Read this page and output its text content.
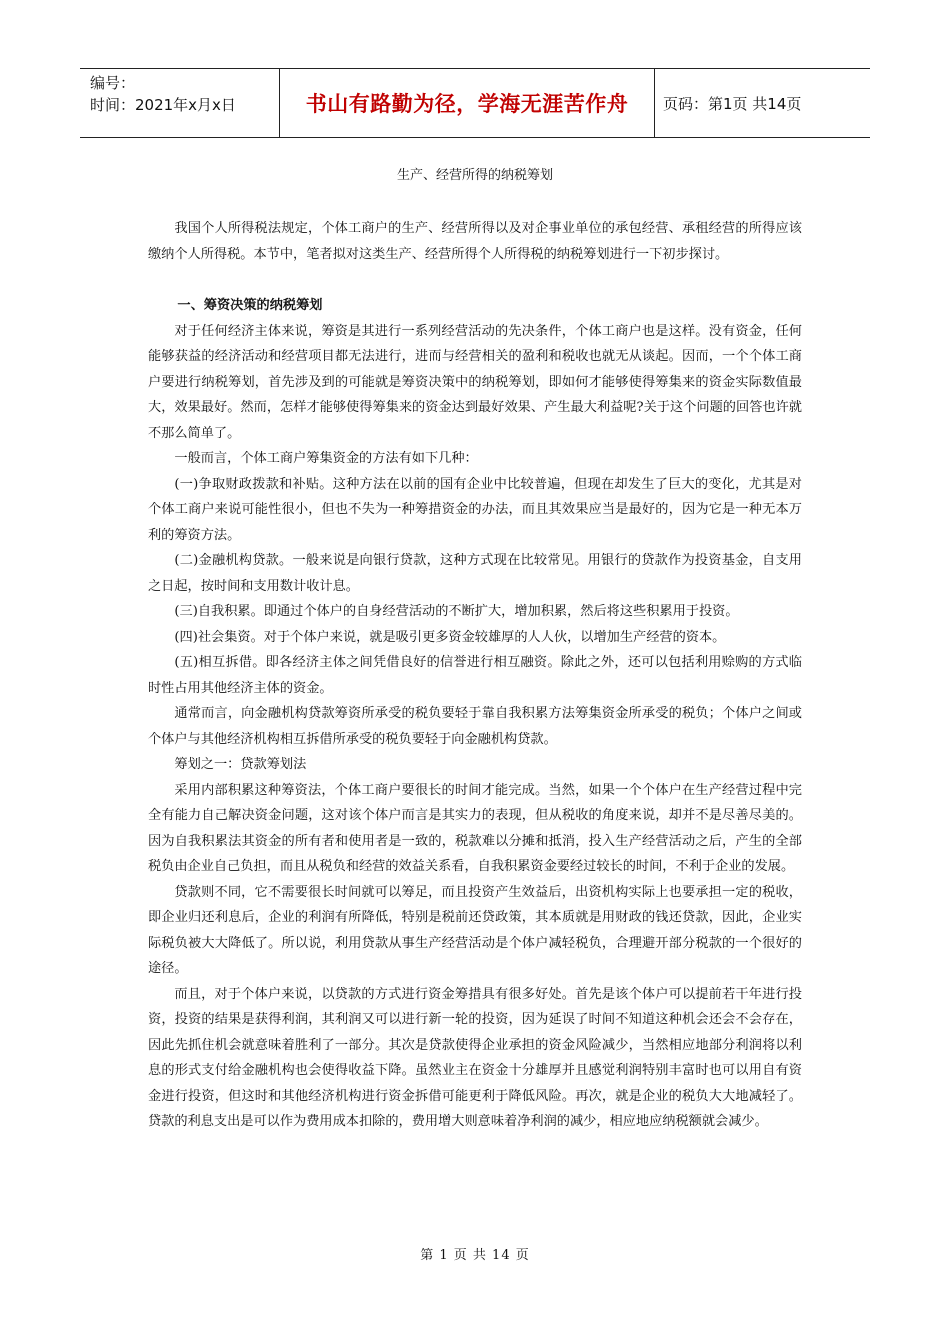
编号：
时间：2021年x月x日	书山有路勤为径，学海无涯苦作舟 页码：第1页 共14页
生产、经营所得的纳税筹划

我国个人所得税法规定，个体工商户的生产、经营所得以及对企事业单位的承包经营、承租经营的所得应该缴纳个人所得税。本节中，笔者拟对这类生产、经营所得个人所得税的纳税筹划进行一下初步探讨。

一、筹资决策的纳税筹划

对于任何经济主体来说，筹资是其进行一系列经营活动的先决条件，个体工商户也是这样。没有资金，任何能够获益的经济活动和经营项目都无法进行，进而与经营相关的盈利和税收也就无从谈起。因而，一个个体工商户要进行纳税筹划，首先涉及到的可能就是筹资决策中的纳税筹划，即如何才能够使得筹集来的资金实际数值最大，效果最好。然而，怎样才能够使得筹集来的资金达到最好效果、产生最大利益呢?关于这个问题的回答也许就不那么简单了。

一般而言，个体工商户筹集资金的方法有如下几种：

(一)争取财政拨款和补贴。这种方法在以前的国有企业中比较普遍，但现在却发生了巨大的变化，尤其是对个体工商户来说可能性很小，但也不失为一种筹措资金的办法，而且其效果应当是最好的，因为它是一种无本万利的筹资方法。

(二)金融机构贷款。一般来说是向银行贷款，这种方式现在比较常见。用银行的贷款作为投资基金，自支用之日起，按时间和支用数计收计息。

(三)自我积累。即通过个体户的自身经营活动的不断扩大，增加积累，然后将这些积累用于投资。

(四)社会集资。对于个体户来说，就是吸引更多资金较雄厚的人人伙，以增加生产经营的资本。

(五)相互拆借。即各经济主体之间凭借良好的信誉进行相互融资。除此之外，还可以包括利用赊购的方式临时性占用其他经济主体的资金。

通常而言，向金融机构贷款筹资所承受的税负要轻于靠自我积累方法筹集资金所承受的税负；个体户之间或个体户与其他经济机构相互拆借所承受的税负要轻于向金融机构贷款。

筹划之一：贷款筹划法

采用内部积累这种筹资法，个体工商户要很长的时间才能完成。当然，如果一个个体户在生产经营过程中完全有能力自己解决资金问题，这对该个体户而言是其实力的表现，但从税收的角度来说，却并不是尽善尽美的。因为自我积累法其资金的所有者和使用者是一致的，税款难以分摊和抵消，投入生产经营活动之后，产生的全部税负由企业自己负担，而且从税负和经营的效益关系看，自我积累资金要经过较长的时间，不利于企业的发展。

贷款则不同，它不需要很长时间就可以筹足，而且投资产生效益后，出资机构实际上也要承担一定的税收，即企业归还利息后，企业的利润有所降低，特别是税前还贷政策，其本质就是用财政的钱还贷款，因此，企业实际税负被大大降低了。所以说，利用贷款从事生产经营活动是个体户减轻税负，合理避开部分税款的一个很好的途径。

而且，对于个体户来说，以贷款的方式进行资金筹措具有很多好处。首先是该个体户可以提前若干年进行投资，投资的结果是获得利润，其利润又可以进行新一轮的投资，因为延误了时间不知道这种机会还会不会存在，因此先抓住机会就意味着胜利了一部分。其次是贷款使得企业承担的资金风险减少，当然相应地部分利润将以利息的形式支付给金融机构也会使得收益下降。虽然业主在资金十分雄厚并且感觉利润特别丰富时也可以用自有资金进行投资，但这时和其他经济机构进行资金拆借可能更利于降低风险。再次，就是企业的税负大大地减轻了。贷款的利息支出是可以作为费用成本扣除的，费用增大则意味着净利润的减少，相应地应纳税额就会减少。

第 1 页 共 14 页
